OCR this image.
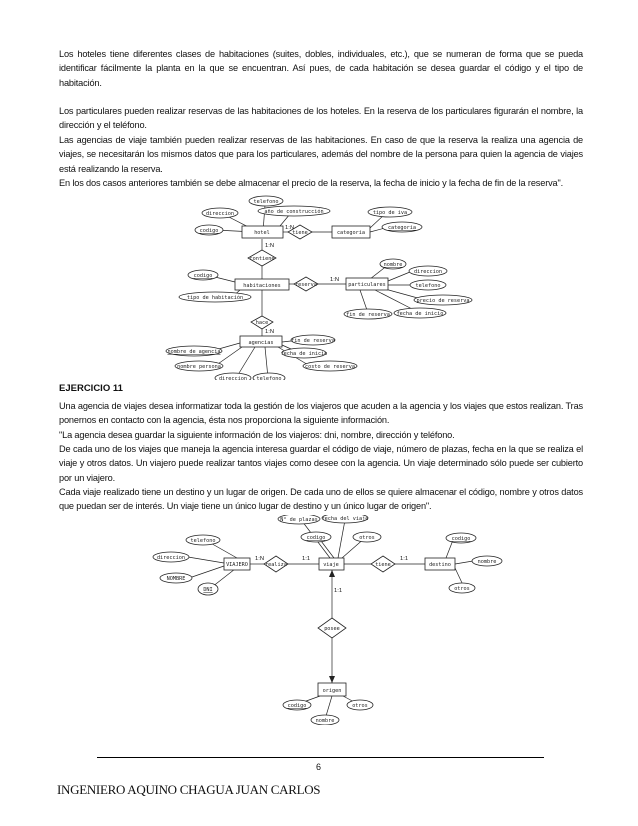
Los hoteles tiene diferentes clases de habitaciones (suites, dobles, individuales, etc.), que se numeran de forma que se pueda identificar fácilmente la planta en la que se encuentran. Así pues, de cada habitación se desea guardar el código y el tipo de habitación.

Los particulares pueden realizar reservas de las habitaciones de los hoteles. En la reserva de los particulares figurarán el nombre, la dirección y el teléfono.

Las agencias de viaje también pueden realizar reservas de las habitaciones. En caso de que la reserva la realiza una agencia de viajes, se necesitarán los mismos datos que para los particulares, además del nombre de la persona para quien la agencia de viajes está realizando la reserva.

En los dos casos anteriores también se debe almacenar el precio de la reserva, la fecha de inicio y la fecha de fin de la reserva".

hotel	categoria
habitaciones	particulares
agencias
tiene
contiene
reserva
hace
telefono
direccion
codigo
año de construcción	tipo de iva
categoria
codigo
tipo de habitación
nombre
direccion
telefono
precio de reserva
fecha de inicio
fin de reserva
nombre de agencia
nombre persona
direccion telefono
fin de reserva
fecha de inicio
costo de reserva
1:N
1:N
1:N
1:N

EJERCICIO 11

Una agencia de viajes desea informatizar toda la gestión de los viajeros que acuden a la agencia y los viajes que estos realizan. Tras ponernos en contacto con la agencia, ésta nos proporciona la siguiente información.

"La agencia desea guardar la siguiente información de los viajeros: dni, nombre, dirección y teléfono.

De cada uno de los viajes que maneja la agencia interesa guardar el código de viaje, número de plazas, fecha en la que se realiza el viaje y otros datos. Un viajero puede realizar tantos viajes como desee con la agencia. Un viaje determinado sólo puede ser cubierto por un viajero.

Cada viaje realizado tiene un destino y un lugar de origen. De cada uno de ellos se quiere almacenar el código, nombre y otros datos que puedan ser de interés. Un viaje tiene un único lugar de destino y un único lugar de origen".

VIAJERO	viaje	destino
origen
realiza	tiene
posee
telefono
direccion
NOMBRE
DNI
N° de plazas fecha del viaje
codigo	otros	codigo
nombre
otros
codigo	otros
nombre
1:N	1:1	1:1
1:1
6
INGENIERO AQUINO CHAGUA JUAN CARLOS
